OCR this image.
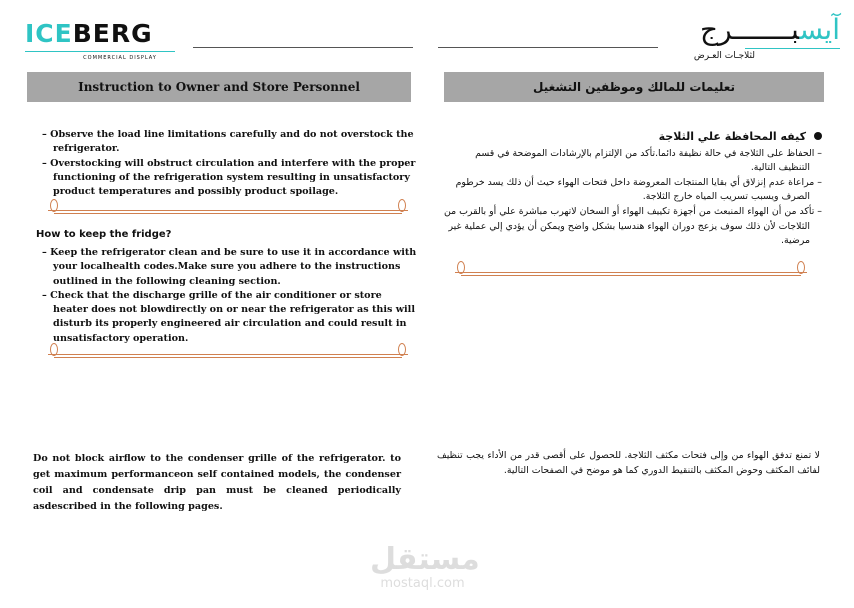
ICEBERG
COMMERCIAL DISPLAY
آيسبـــــــرج
لثلاجـات العـرض
Instruction to Owner and Store Personnel	تعليمات للمالك وموظفين التشغيل
– Observe the load line limitations carefully and do not overstock the refrigerator.
– Overstocking will obstruct circulation and interfere with the proper functioning of the refrigeration system resulting in unsatisfactory product temperatures and possibly product spoilage.
How to keep the fridge?
– Keep the refrigerator clean and be sure to use it in accordance with your localhealth codes.Make sure you adhere to the instructions outlined in the following cleaning section.
– Check that the discharge grille of the air conditioner or store heater does not blowdirectly on or near the refrigerator as this will disturb its properly engineered air circulation and could result in unsatisfactory operation.
كيفه المحافظة علي الثلاجة
– الحفاظ على الثلاجة في حالة نظيفة دائما.تأكد من الإلتزام بالإرشادات الموضحة في قسم التنظيف التالية.
– مراعاة عدم إنزلاق أي بقايا المنتجات المعروضة داخل فتحات الهواء حيث أن ذلك يسد خرطوم الصرف ويسبب تسريب المياه خارج الثلاجة.
– تأكد من أن الهواء المنبعث من أجهزة تكييف الهواء أو السخان لاتهرب مباشرة علي أو بالقرب من الثلاجات لأن ذلك سوف يزعج دوران الهواء هندسيا بشكل واضح ويمكن أن يؤدي إلي عملية غير مرضية.
Do not block airflow to the condenser grille of the refrigerator. to get maximum performanceon self contained models, the condenser coil and condensate drip pan must be cleaned periodically asdescribed in the following pages.
لا تمنع تدفق الهواء من وإلى فتحات مكثف الثلاجة. للحصول على أقصى قدر من الأداء يجب تنظيف لفائف المكثف وحوض المكثف بالتنقيط الدوري كما هو موضح في الصفحات التالية.
مستقل
mostaql.com
